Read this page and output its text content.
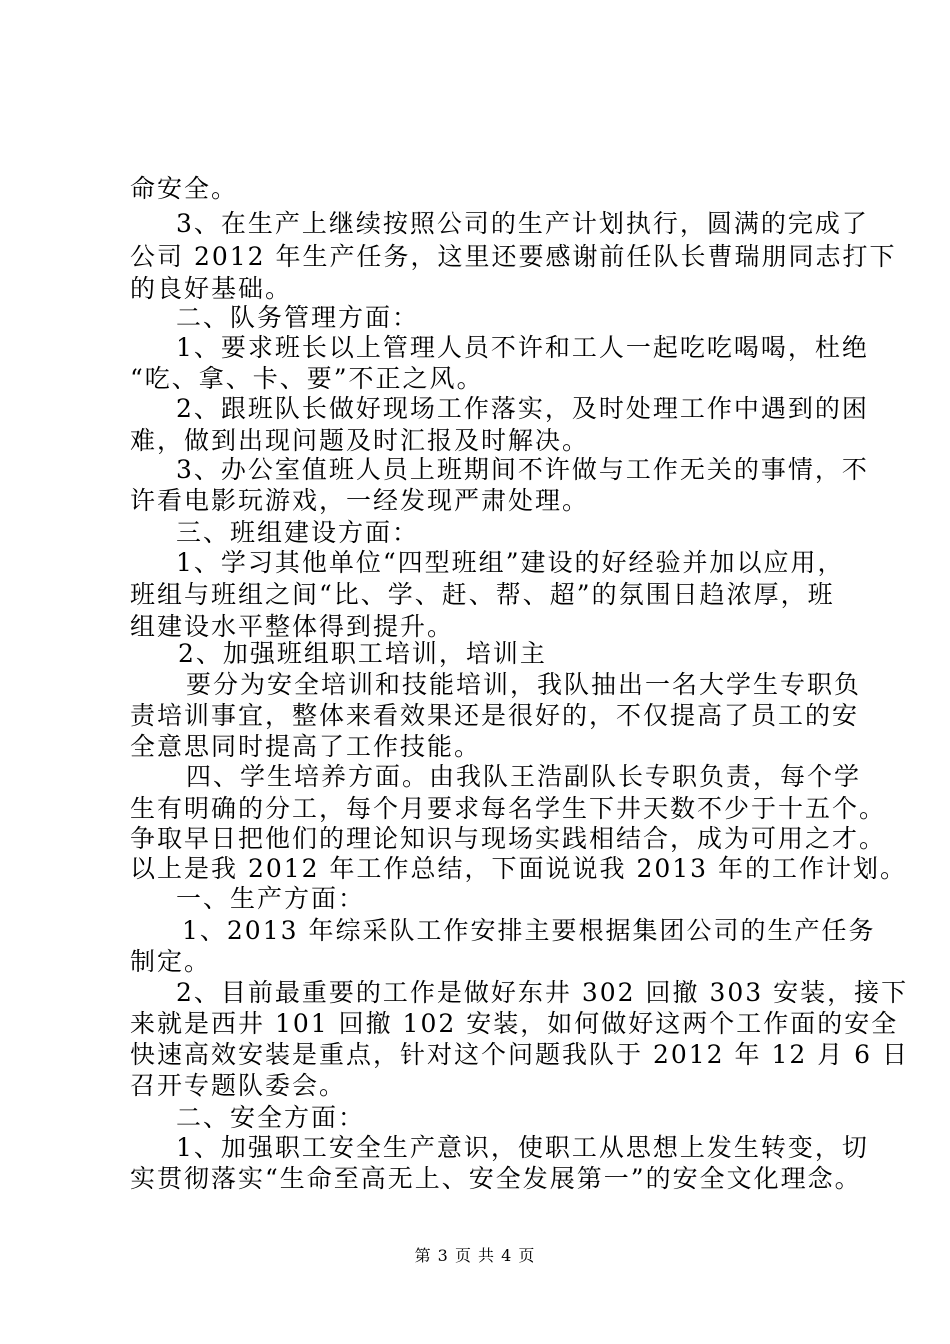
命安全。

3、在生产上继续按照公司的生产计划执行，圆满的完成了

公司 2012 年生产任务，这里还要感谢前任队长曹瑞朋同志打下

的良好基础。

二、队务管理方面：

1、要求班长以上管理人员不许和工人一起吃吃喝喝，杜绝

“吃、拿、卡、要”不正之风。

2、跟班队长做好现场工作落实，及时处理工作中遇到的困

难，做到出现问题及时汇报及时解决。

3、办公室值班人员上班期间不许做与工作无关的事情，不

许看电影玩游戏，一经发现严肃处理。

三、班组建设方面：

1、学习其他单位“四型班组”建设的好经验并加以应用，

班组与班组之间“比、学、赶、帮、超”的氛围日趋浓厚，班

组建设水平整体得到提升。

2、加强班组职工培训，培训主

要分为安全培训和技能培训，我队抽出一名大学生专职负

责培训事宜，整体来看效果还是很好的，不仅提高了员工的安

全意思同时提高了工作技能。

四、学生培养方面。由我队王浩副队长专职负责，每个学

生有明确的分工，每个月要求每名学生下井天数不少于十五个。

争取早日把他们的理论知识与现场实践相结合，成为可用之才。

以上是我 2012 年工作总结，下面说说我 2013 年的工作计划。

一、生产方面：

1、2013 年综采队工作安排主要根据集团公司的生产任务

制定。

2、目前最重要的工作是做好东井 302 回撤 303 安装，接下

来就是西井 101 回撤 102 安装，如何做好这两个工作面的安全

快速高效安装是重点，针对这个问题我队于 2012 年 12 月 6 日

召开专题队委会。

二、安全方面：

1、加强职工安全生产意识，使职工从思想上发生转变，切

实贯彻落实“生命至高无上、安全发展第一”的安全文化理念。

第 3 页 共 4 页
